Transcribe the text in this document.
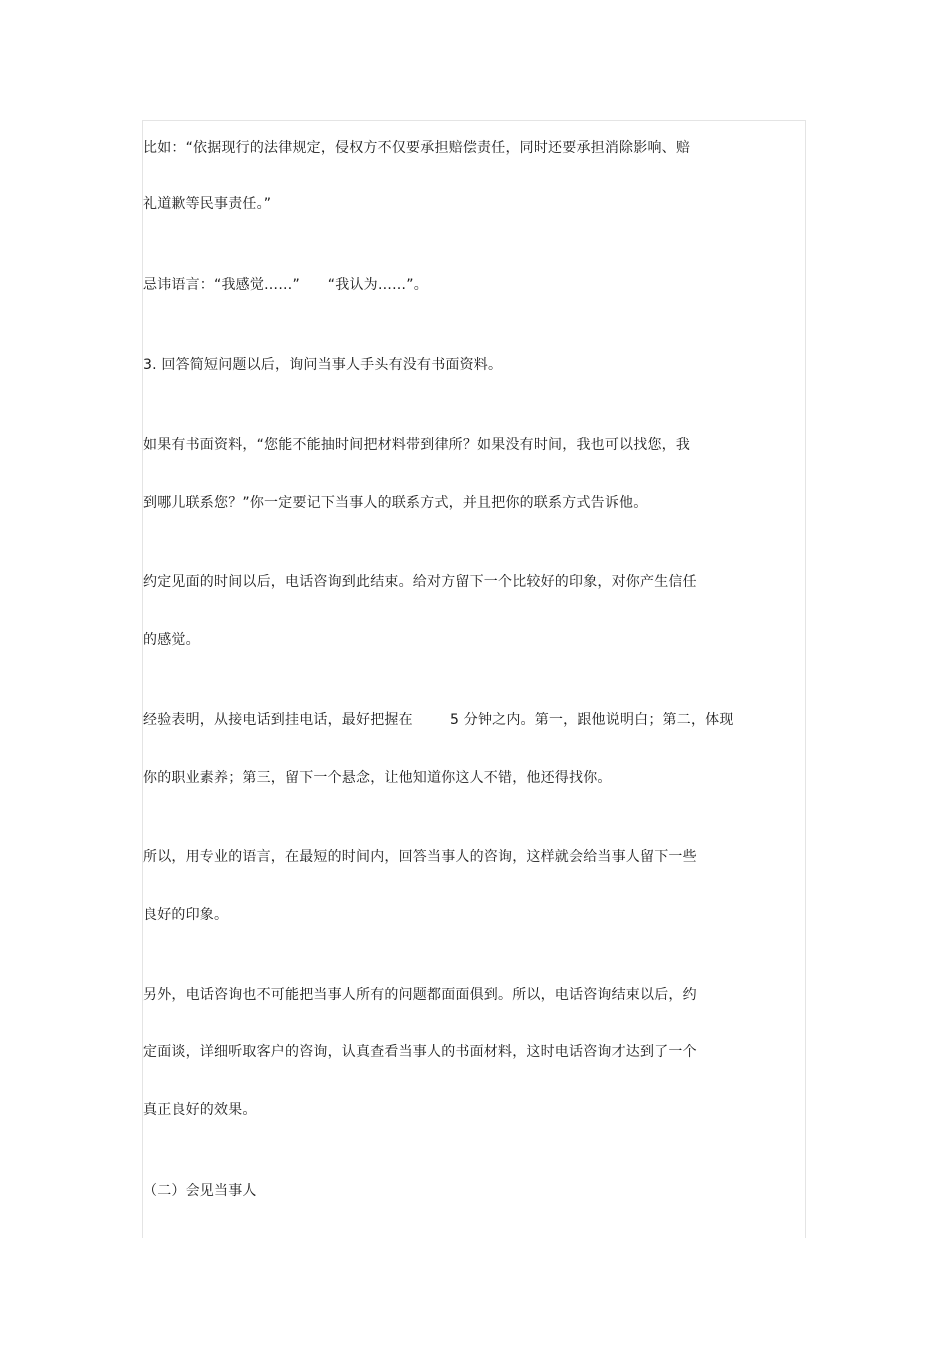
比如：“依据现行的法律规定，侵权方不仅要承担赔偿责任，同时还要承担消除影响、赔
礼道歉等民事责任。”
忌讳语言：“我感觉……”      “我认为……”。
3. 回答简短问题以后，询问当事人手头有没有书面资料。
如果有书面资料，“您能不能抽时间把材料带到律所？如果没有时间，我也可以找您，我
到哪儿联系您？”你一定要记下当事人的联系方式，并且把你的联系方式告诉他。
约定见面的时间以后，电话咨询到此结束。给对方留下一个比较好的印象，对你产生信任
的感觉。
经验表明，从接电话到挂电话，最好把握在        5 分钟之内。第一，跟他说明白；第二，体现
你的职业素养；第三，留下一个悬念，让他知道你这人不错，他还得找你。
所以，用专业的语言，在最短的时间内，回答当事人的咨询，这样就会给当事人留下一些
良好的印象。
另外，电话咨询也不可能把当事人所有的问题都面面俱到。所以，电话咨询结束以后，约
定面谈，详细听取客户的咨询，认真查看当事人的书面材料，这时电话咨询才达到了一个
真正良好的效果。
（二）会见当事人
